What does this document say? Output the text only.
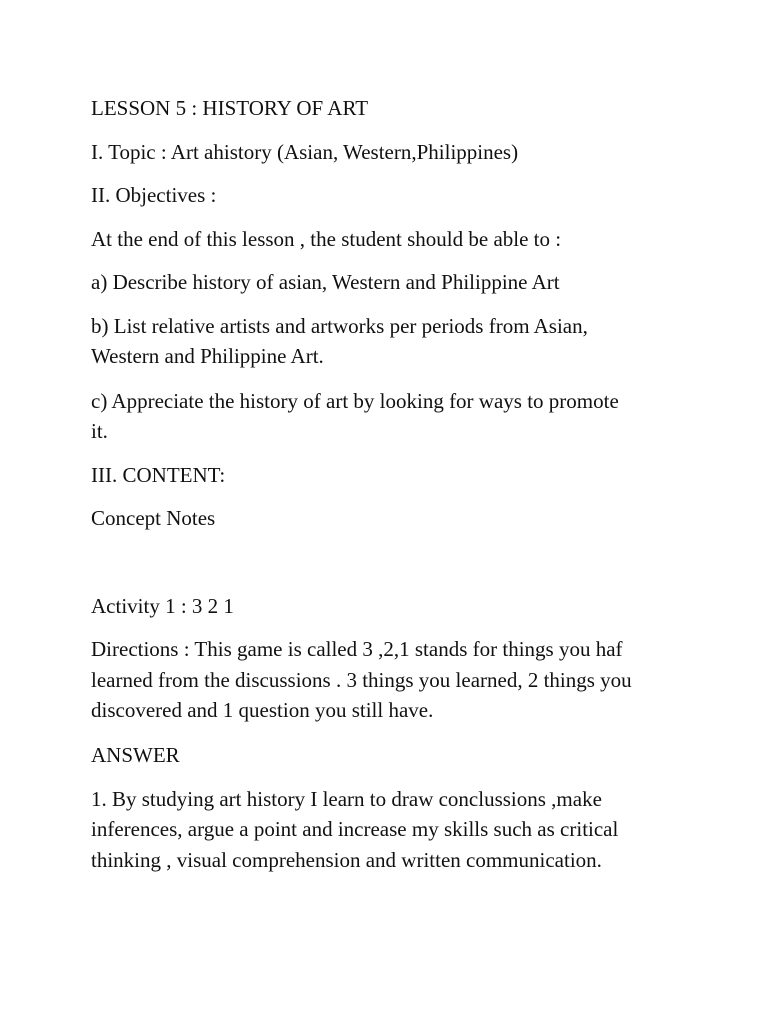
LESSON 5 : HISTORY OF ART

I. Topic : Art ahistory (Asian, Western,Philippines)

II. Objectives :

At the end of this lesson , the student should be able to :

a) Describe history of asian, Western and Philippine Art

b) List relative artists and artworks per periods from Asian,

Western and Philippine Art.

c) Appreciate the history of art by looking for ways to promote

it.

III. CONTENT:

Concept Notes

Activity 1 : 3 2 1

Directions : This game is called 3 ,2,1 stands for things you haf

learned from the discussions . 3 things you learned, 2 things you

discovered and 1 question you still have.

ANSWER

1. By studying art history I learn to draw conclussions ,make

inferences, argue a point and increase my skills such as critical

thinking , visual comprehension and written communication.
